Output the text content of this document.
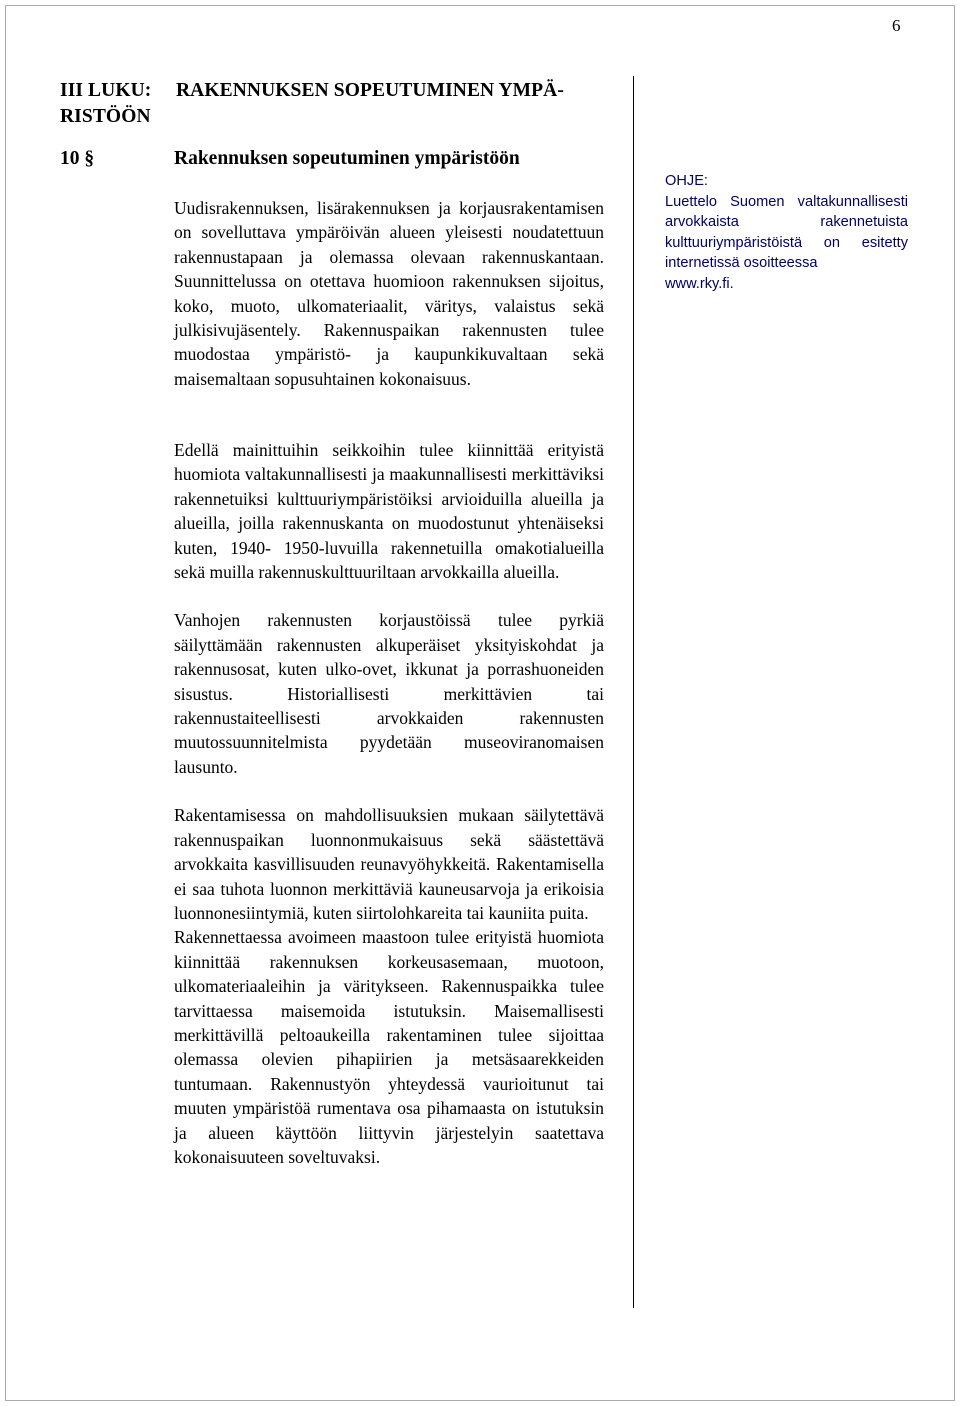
6
III LUKU: RAKENNUKSEN SOPEUTUMINEN YMPÄ-
RISTÖÖN
10 §	Rakennuksen sopeutuminen ympäristöön

Uudisrakennuksen, lisärakennuksen ja korjausrakentamisen on sovelluttava ympäröivän alueen yleisesti noudatettuun rakennustapaan ja olemassa olevaan rakennuskantaan. Suunnittelussa on otettava huomioon rakennuksen sijoitus, koko, muoto, ulkomateriaalit, väritys, valaistus sekä julkisivujäsentely. Rakennuspaikan rakennusten tulee muodostaa ympäristö- ja kaupunkikuvaltaan sekä maisemaltaan sopusuhtainen kokonaisuus.

Edellä mainittuihin seikkoihin tulee kiinnittää erityistä huomiota valtakunnallisesti ja maakunnallisesti merkittäviksi rakennetuiksi kulttuuriympäristöiksi arvioiduilla alueilla ja alueilla, joilla rakennuskanta on muodostunut yhtenäiseksi kuten, 1940- 1950-luvuilla rakennetuilla omakotialueilla sekä muilla rakennuskulttuuriltaan arvokkailla alueilla.

Vanhojen rakennusten korjaustöissä tulee pyrkiä säilyttämään rakennusten alkuperäiset yksityiskohdat ja rakennusosat, kuten ulko-ovet, ikkunat ja porrashuoneiden sisustus. Historiallisesti merkittävien tai rakennustaiteellisesti arvokkaiden rakennusten muutossuunnitelmista pyydetään museoviranomaisen lausunto.

Rakentamisessa on mahdollisuuksien mukaan säilytettävä rakennuspaikan luonnonmukaisuus sekä säästettävä arvokkaita kasvillisuuden reunavyöhykkeitä. Rakentamisella ei saa tuhota luonnon merkittäviä kauneusarvoja ja erikoisia luonnonesiintymiä, kuten siirtolohkareita tai kauniita puita.

Rakennettaessa avoimeen maastoon tulee erityistä huomiota kiinnittää rakennuksen korkeusasemaan, muotoon, ulkomateriaaleihin ja väritykseen. Rakennuspaikka tulee tarvittaessa maisemoida istutuksin. Maisemallisesti merkittävillä peltoaukeilla rakentaminen tulee sijoittaa olemassa olevien pihapiirien ja metsäsaarekkeiden tuntumaan. Rakennustyön yhteydessä vaurioitunut tai muuten ympäristöä rumentava osa pihamaasta on istutuksin ja alueen käyttöön liittyvin järjestelyin saatettava kokonaisuuteen soveltuvaksi.

OHJE:
Luettelo Suomen valtakunnallisesti arvokkaista rakennetuista kulttuuriympäristöistä on esitetty internetissä osoitteessa
www.rky.fi.
